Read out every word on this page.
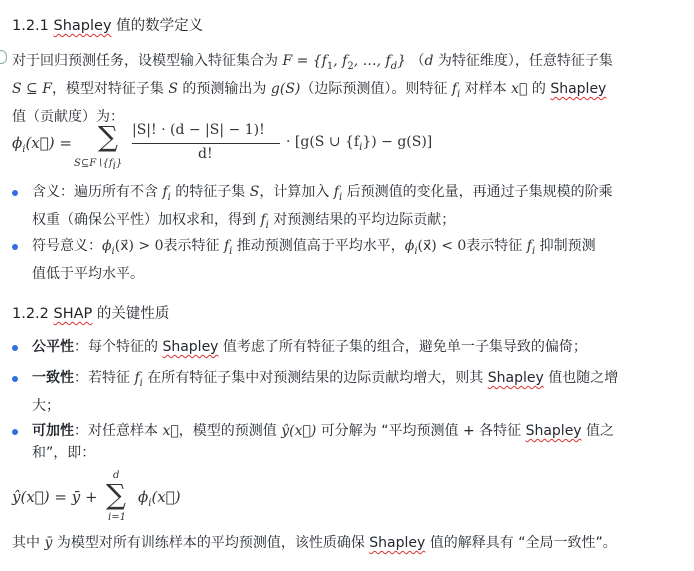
1.2.1 Shapley 值的数学定义
对于回归预测任务，设模型输入特征集合为 $F = \{f_1$, $f_2$, …, $f_d$} （d 为特征维度），任意特征子集
S ⊆ F，模型对特征子集 S 的预测输出为 g(S)（边际预测值）。则特征 $f_i$ 对样本 x⃗ 的 Shapley
值（贡献度）为：
$\phi_i(x⃗)$ = ∑
$S⊆F∖\{f_i\}$
|S|! · (d − |S| − 1)!
d!
· [g(S ∪ $\{f_i\}) - g(S)$]
含义：遍历所有不含 $f_i$ 的特征子集 S，计算加入 $f_i$ 后预测值的变化量，再通过子集规模的阶乘
权重（确保公平性）加权求和，得到 $f_i$ 对预测结果的平均边际贡献；
符号意义：$\phi_i(x⃗) > 0$表示特征 $f_i$ 推动预测值高于平均水平，$\phi_i(x⃗) < 0$表示特征 $f_i$ 抑制预测
值低于平均水平。
1.2.2 SHAP 的关键性质
公平性：每个特征的 Shapley 值考虑了所有特征子集的组合，避免单一子集导致的偏倚；
一致性：若特征 $f_i$ 在所有特征子集中对预测结果的边际贡献均增大，则其 Shapley 值也随之增
大；
可加性：对任意样本 x⃗，模型的预测值 ŷ(x⃗) 可分解为 “平均预测值 + 各特征 Shapley 值之
和”，即：
ŷ(x⃗) = ȳ +
d
∑
i=1
$\phi_i(x⃗)$
其中 ȳ 为模型对所有训练样本的平均预测值，该性质确保 Shapley 值的解释具有 “全局一致性”。
